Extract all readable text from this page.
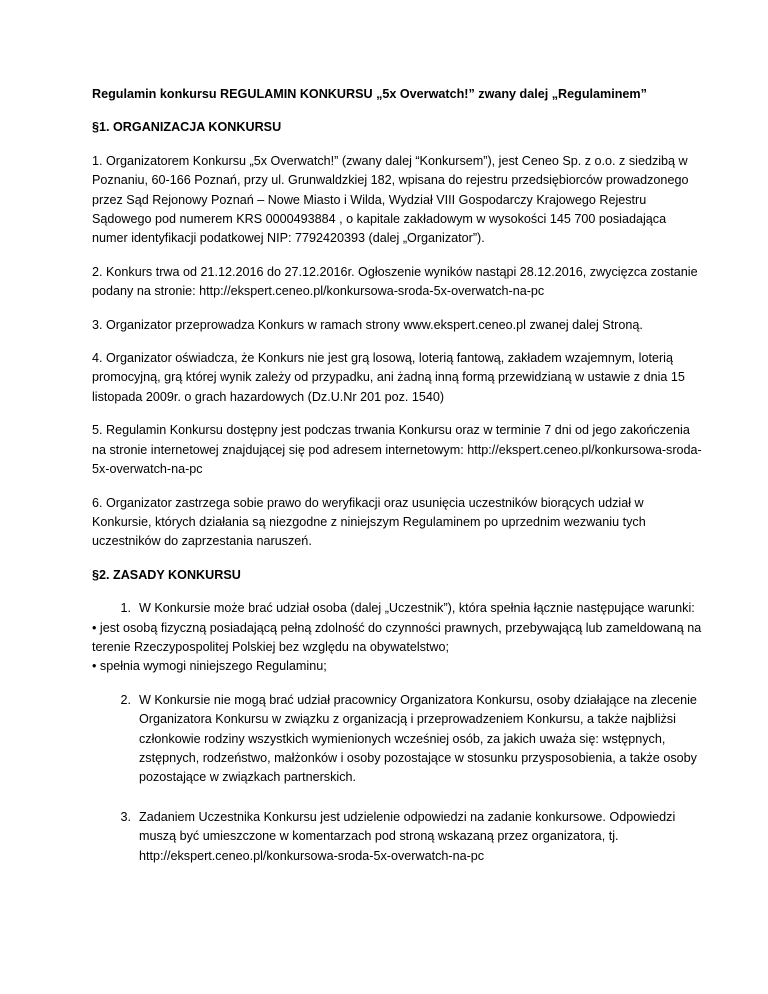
Regulamin konkursu REGULAMIN KONKURSU „5x Overwatch!” zwany dalej „Regulaminem”

§1. ORGANIZACJA KONKURSU

1. Organizatorem Konkursu „5x Overwatch!” (zwany dalej “Konkursem”), jest Ceneo Sp. z o.o. z siedzibą w Poznaniu, 60-166 Poznań, przy ul. Grunwaldzkiej 182, wpisana do rejestru przedsiębiorców prowadzonego przez Sąd Rejonowy Poznań – Nowe Miasto i Wilda, Wydział VIII Gospodarczy Krajowego Rejestru Sądowego pod numerem KRS 0000493884 , o kapitale zakładowym w wysokości 145 700 posiadająca numer identyfikacji podatkowej NIP: 7792420393 (dalej „Organizator”).

2. Konkurs trwa od 21.12.2016 do 27.12.2016r. Ogłoszenie wyników nastąpi 28.12.2016, zwycięzca zostanie podany na stronie: http://ekspert.ceneo.pl/konkursowa-sroda-5x-overwatch-na-pc

3. Organizator przeprowadza Konkurs w ramach strony www.ekspert.ceneo.pl zwanej dalej Stroną.

4. Organizator oświadcza, że Konkurs nie jest grą losową, loterią fantową, zakładem wzajemnym, loterią promocyjną, grą której wynik zależy od przypadku, ani żadną inną formą przewidzianą w ustawie z dnia 15 listopada 2009r. o grach hazardowych (Dz.U.Nr 201 poz. 1540)

5. Regulamin Konkursu dostępny jest podczas trwania Konkursu oraz w terminie 7 dni od jego zakończenia na stronie internetowej znajdującej się pod adresem internetowym: http://ekspert.ceneo.pl/konkursowa-sroda-5x-overwatch-na-pc

6. Organizator zastrzega sobie prawo do weryfikacji oraz usunięcia uczestników biorących udział w Konkursie, których działania są niezgodne z niniejszym Regulaminem po uprzednim wezwaniu tych uczestników do zaprzestania naruszeń.

§2. ZASADY KONKURSU

1. W Konkursie może brać udział osoba (dalej „Uczestnik”), która spełnia łącznie następujące warunki:
• jest osobą fizyczną posiadającą pełną zdolność do czynności prawnych, przebywającą lub zameldowaną na terenie Rzeczypospolitej Polskiej bez względu na obywatelstwo;
• spełnia wymogi niniejszego Regulaminu;
2. W Konkursie nie mogą brać udział pracownicy Organizatora Konkursu, osoby działające na zlecenie Organizatora Konkursu w związku z organizacją i przeprowadzeniem Konkursu, a także najbliżsi członkowie rodziny wszystkich wymienionych wcześniej osób, za jakich uważa się: wstępnych, zstępnych, rodzeństwo, małżonków i osoby pozostające w stosunku przysposobienia, a także osoby pozostające w związkach partnerskich.
3. Zadaniem Uczestnika Konkursu jest udzielenie odpowiedzi na zadanie konkursowe. Odpowiedzi muszą być umieszczone w komentarzach pod stroną wskazaną przez organizatora, tj. http://ekspert.ceneo.pl/konkursowa-sroda-5x-overwatch-na-pc
